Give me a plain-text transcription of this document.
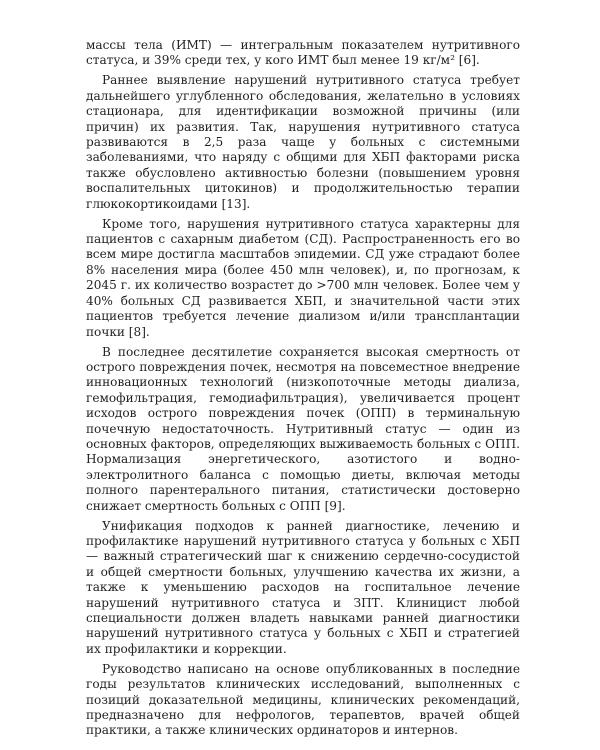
массы тела (ИМТ) — интегральным показателем нутритивного статуса, и 39% среди тех, у кого ИМТ был менее 19 кг/м² [6].

Раннее выявление нарушений нутритивного статуса требует дальнейшего углубленного обследования, желательно в условиях стационара, для идентификации возможной причины (или причин) их развития. Так, нарушения нутритивного статуса развиваются в 2,5 раза чаще у больных с системными заболеваниями, что наряду с общими для ХБП факторами риска также обусловлено активностью болезни (повышением уровня воспалительных цитокинов) и продолжительностью терапии глюкокортикоидами [13].

Кроме того, нарушения нутритивного статуса характерны для пациентов с сахарным диабетом (СД). Распространенность его во всем мире достигла масштабов эпидемии. СД уже страдают более 8% населения мира (более 450 млн человек), и, по прогнозам, к 2045 г. их количество возрастет до >700 млн человек. Более чем у 40% больных СД развивается ХБП, и значительной части этих пациентов требуется лечение диализом и/или трансплантации почки [8].

В последнее десятилетие сохраняется высокая смертность от острого повреждения почек, несмотря на повсеместное внедрение инновационных технологий (низкопоточные методы диализа, гемофильтрация, гемодиафильтрация), увеличивается процент исходов острого повреждения почек (ОПП) в терминальную почечную недостаточность. Нутритивный статус — один из основных факторов, определяющих выживаемость больных с ОПП. Нормализация энергетического, азотистого и водно-электролитного баланса с помощью диеты, включая методы полного парентерального питания, статистически достоверно снижает смертность больных с ОПП [9].

Унификация подходов к ранней диагностике, лечению и профилактике нарушений нутритивного статуса у больных с ХБП — важный стратегический шаг к снижению сердечно-сосудистой и общей смертности больных, улучшению качества их жизни, а также к уменьшению расходов на госпитальное лечение нарушений нутритивного статуса и ЗПТ. Клиницист любой специальности должен владеть навыками ранней диагностики нарушений нутритивного статуса у больных с ХБП и стратегией их профилактики и коррекции.

Руководство написано на основе опубликованных в последние годы результатов клинических исследований, выполненных с позиций доказательной медицины, клинических рекомендаций, предназначено для нефрологов, терапевтов, врачей общей практики, а также клинических ординаторов и интернов.
